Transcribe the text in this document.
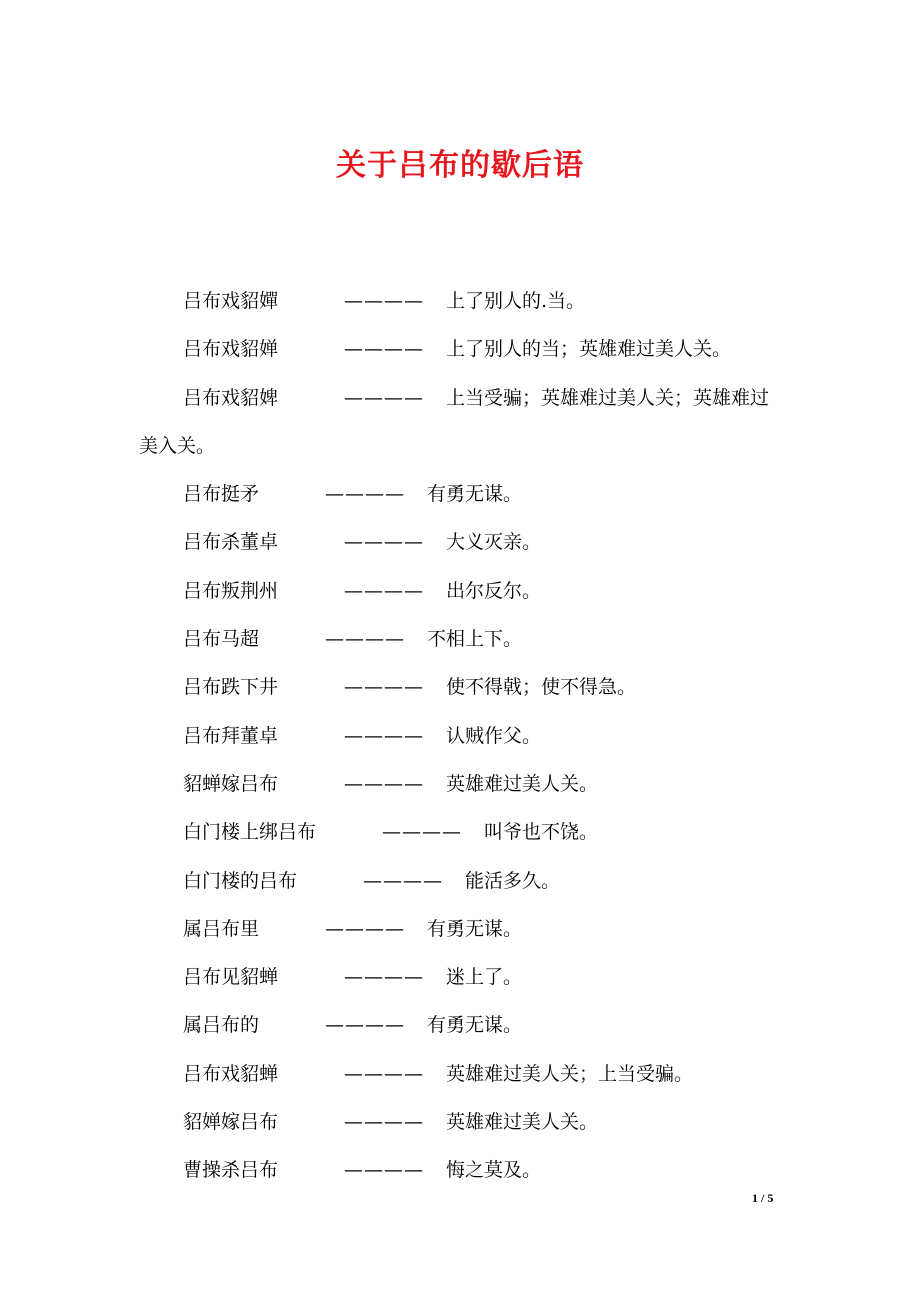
关于吕布的歇后语

吕布戏貂嬋	———— 上了别人的.当。

吕布戏貂婵	———— 上了别人的当；英雄难过美人关。

吕布戏貂婢	———— 上当受骗；英雄难过美人关；英雄难过美入关。

吕布挺矛	———— 有勇无谋。

吕布杀董卓	———— 大义灭亲。

吕布叛荆州	———— 出尔反尔。

吕布马超	———— 不相上下。

吕布跌下井	———— 使不得戟；使不得急。

吕布拜董卓	———— 认贼作父。

貂蝉嫁吕布	———— 英雄难过美人关。

白门楼上绑吕布	———— 叫爷也不饶。

白门楼的吕布	———— 能活多久。

属吕布里	———— 有勇无谋。

吕布见貂蝉	———— 迷上了。

属吕布的	———— 有勇无谋。

吕布戏貂蝉	———— 英雄难过美人关；上当受骗。

貂婵嫁吕布	———— 英雄难过美人关。

曹操杀吕布	———— 悔之莫及。

1 / 5
